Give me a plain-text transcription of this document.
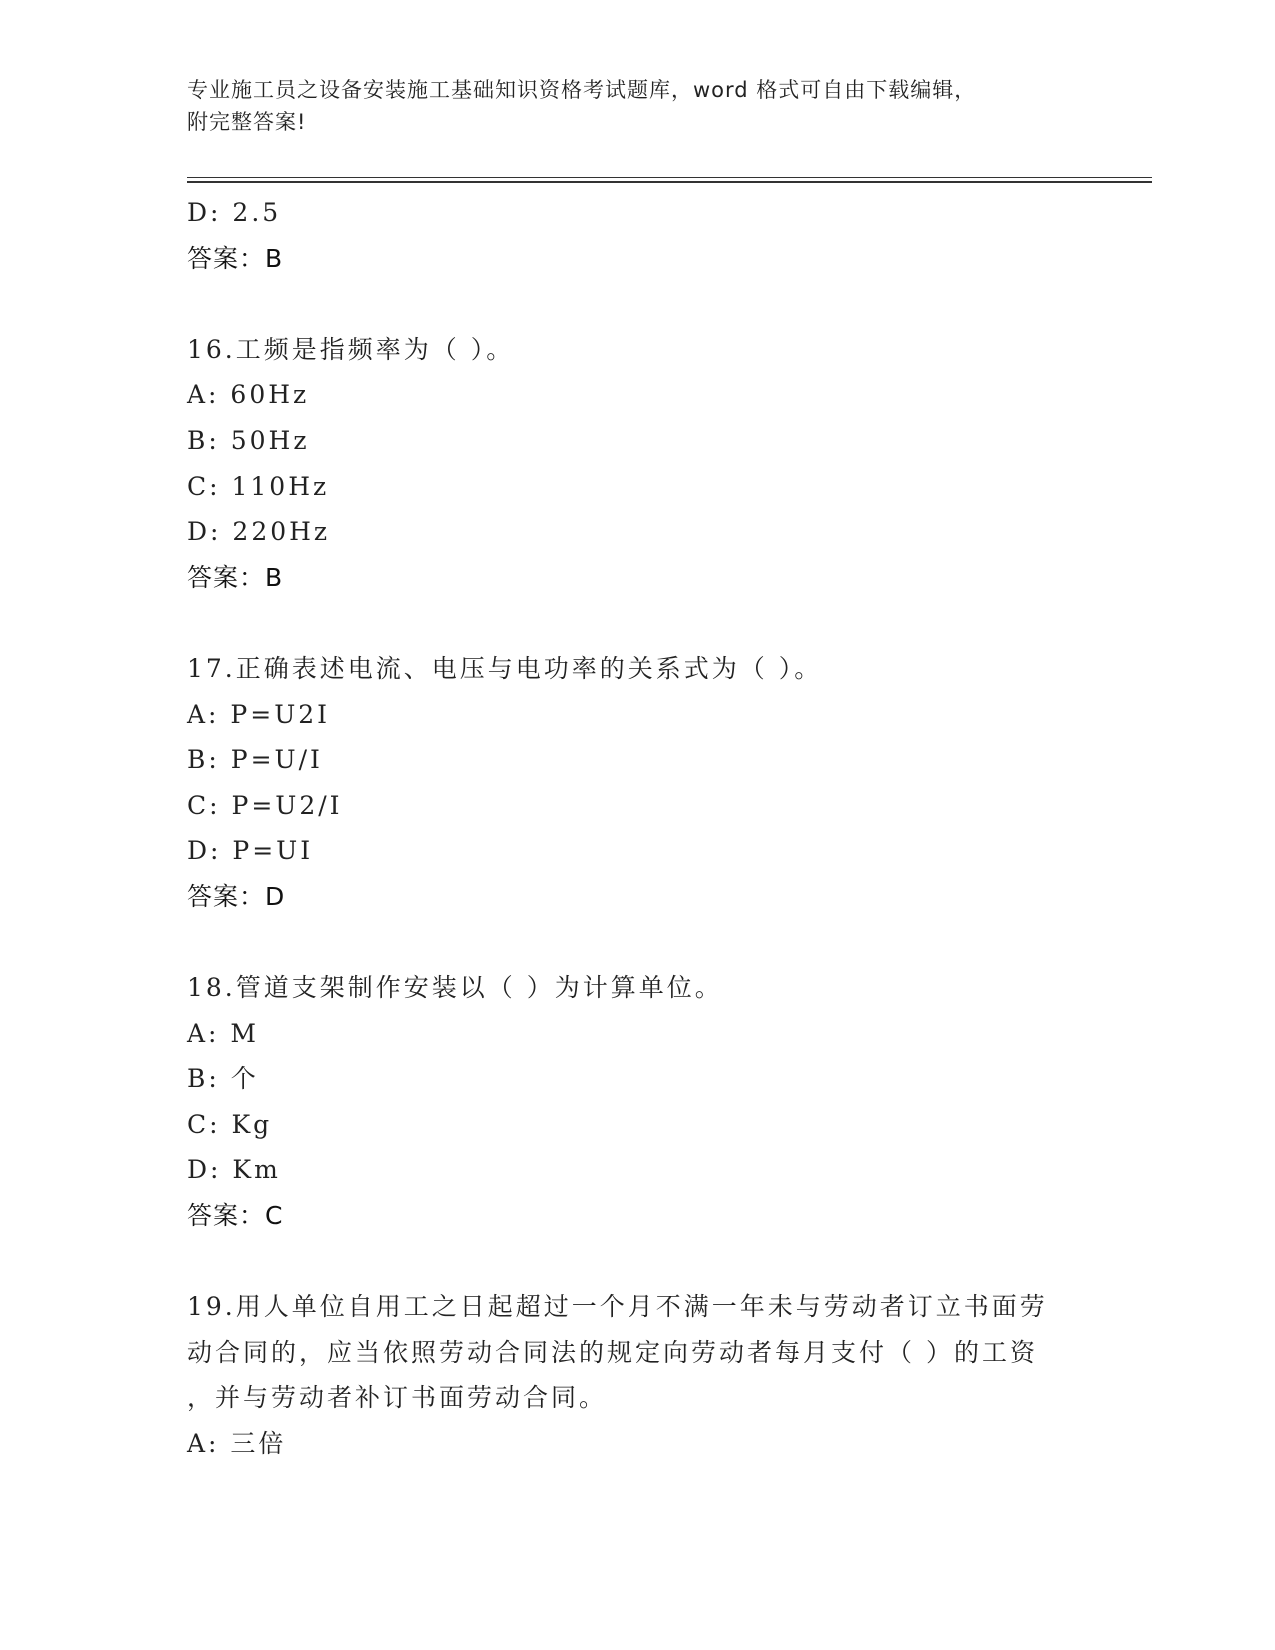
专业施工员之设备安装施工基础知识资格考试题库，word 格式可自由下载编辑，
附完整答案!
D: 2.5
答案：B
16.工频是指频率为（ ）。
A: 60Hz
B: 50Hz
C: 110Hz
D: 220Hz
答案：B
17.正确表述电流、电压与电功率的关系式为（ ）。
A: P=U2I
B: P=U/I
C: P=U2/I
D: P=UI
答案：D
18.管道支架制作安装以（ ）为计算单位。
A: M
B: 个
C: Kg
D: Km
答案：C
19.用人单位自用工之日起超过一个月不满一年未与劳动者订立书面劳
动合同的，应当依照劳动合同法的规定向劳动者每月支付（ ）的工资
，并与劳动者补订书面劳动合同。
A: 三倍
